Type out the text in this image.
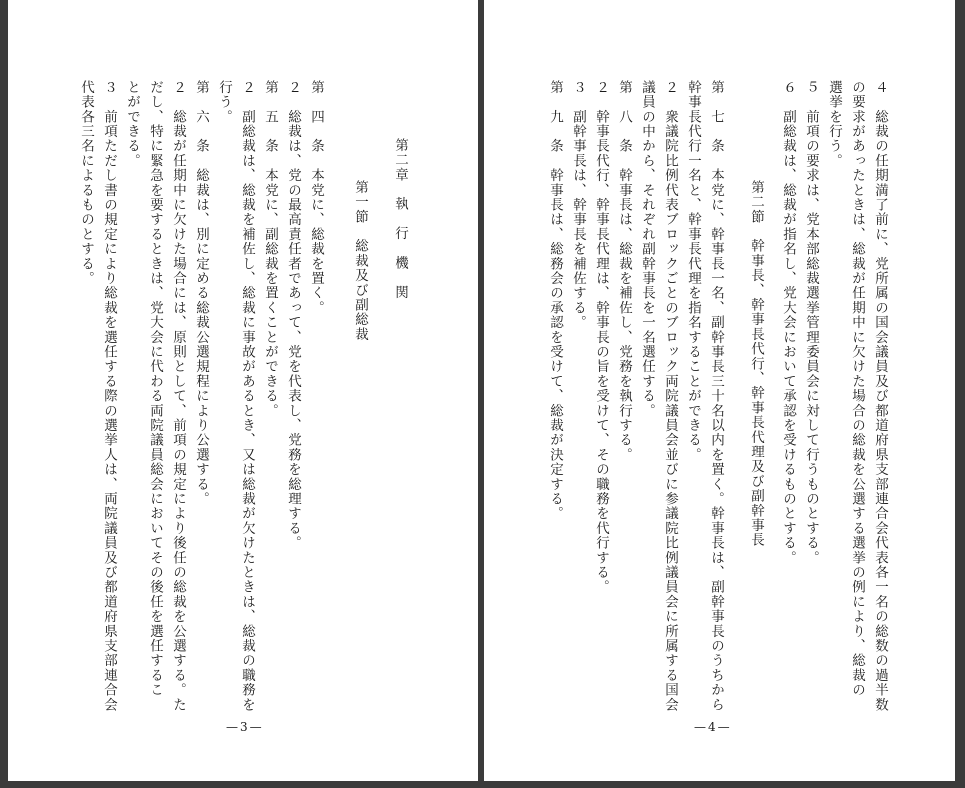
第二章　執　行　機　関
第一節　総裁及び副総裁
第　四　条　本党に、総裁を置く。
２　総裁は、党の最高責任者であって、党を代表し、党務を総理する。
第　五　条　本党に、副総裁を置くことができる。
２　副総裁は、総裁を補佐し、総裁に事故があるとき、又は総裁が欠けたときは、総裁の職務を
行う。
第　六　条　総裁は、別に定める総裁公選規程により公選する。
２　総裁が任期中に欠けた場合には、原則として、前項の規定により後任の総裁を公選する。た
だし、特に緊急を要するときは、党大会に代わる両院議員総会においてその後任を選任するこ
とができる。
３　前項ただし書の規定により総裁を選任する際の選挙人は、両院議員及び都道府県支部連合会
代表各三名によるものとする。
—3—
４　総裁の任期満了前に、党所属の国会議員及び都道府県支部連合会代表各一名の総数の過半数
の要求があったときは、総裁が任期中に欠けた場合の総裁を公選する選挙の例により、総裁の
選挙を行う。
５　前項の要求は、党本部総裁選挙管理委員会に対して行うものとする。
６　副総裁は、総裁が指名し、党大会において承認を受けるものとする。
第二節　幹事長、幹事長代行、幹事長代理及び副幹事長
第　七　条　本党に、幹事長一名、副幹事長三十名以内を置く。幹事長は、副幹事長のうちから
幹事長代行一名と、幹事長代理を指名することができる。
２　衆議院比例代表ブロックごとのブロック両院議員会並びに参議院比例議員会に所属する国会
議員の中から、それぞれ副幹事長を一名選任する。
第　八　条　幹事長は、総裁を補佐し、党務を執行する。
２　幹事長代行、幹事長代理は、幹事長の旨を受けて、その職務を代行する。
３　副幹事長は、幹事長を補佐する。
第　九　条　幹事長は、総務会の承認を受けて、総裁が決定する。
—4—
